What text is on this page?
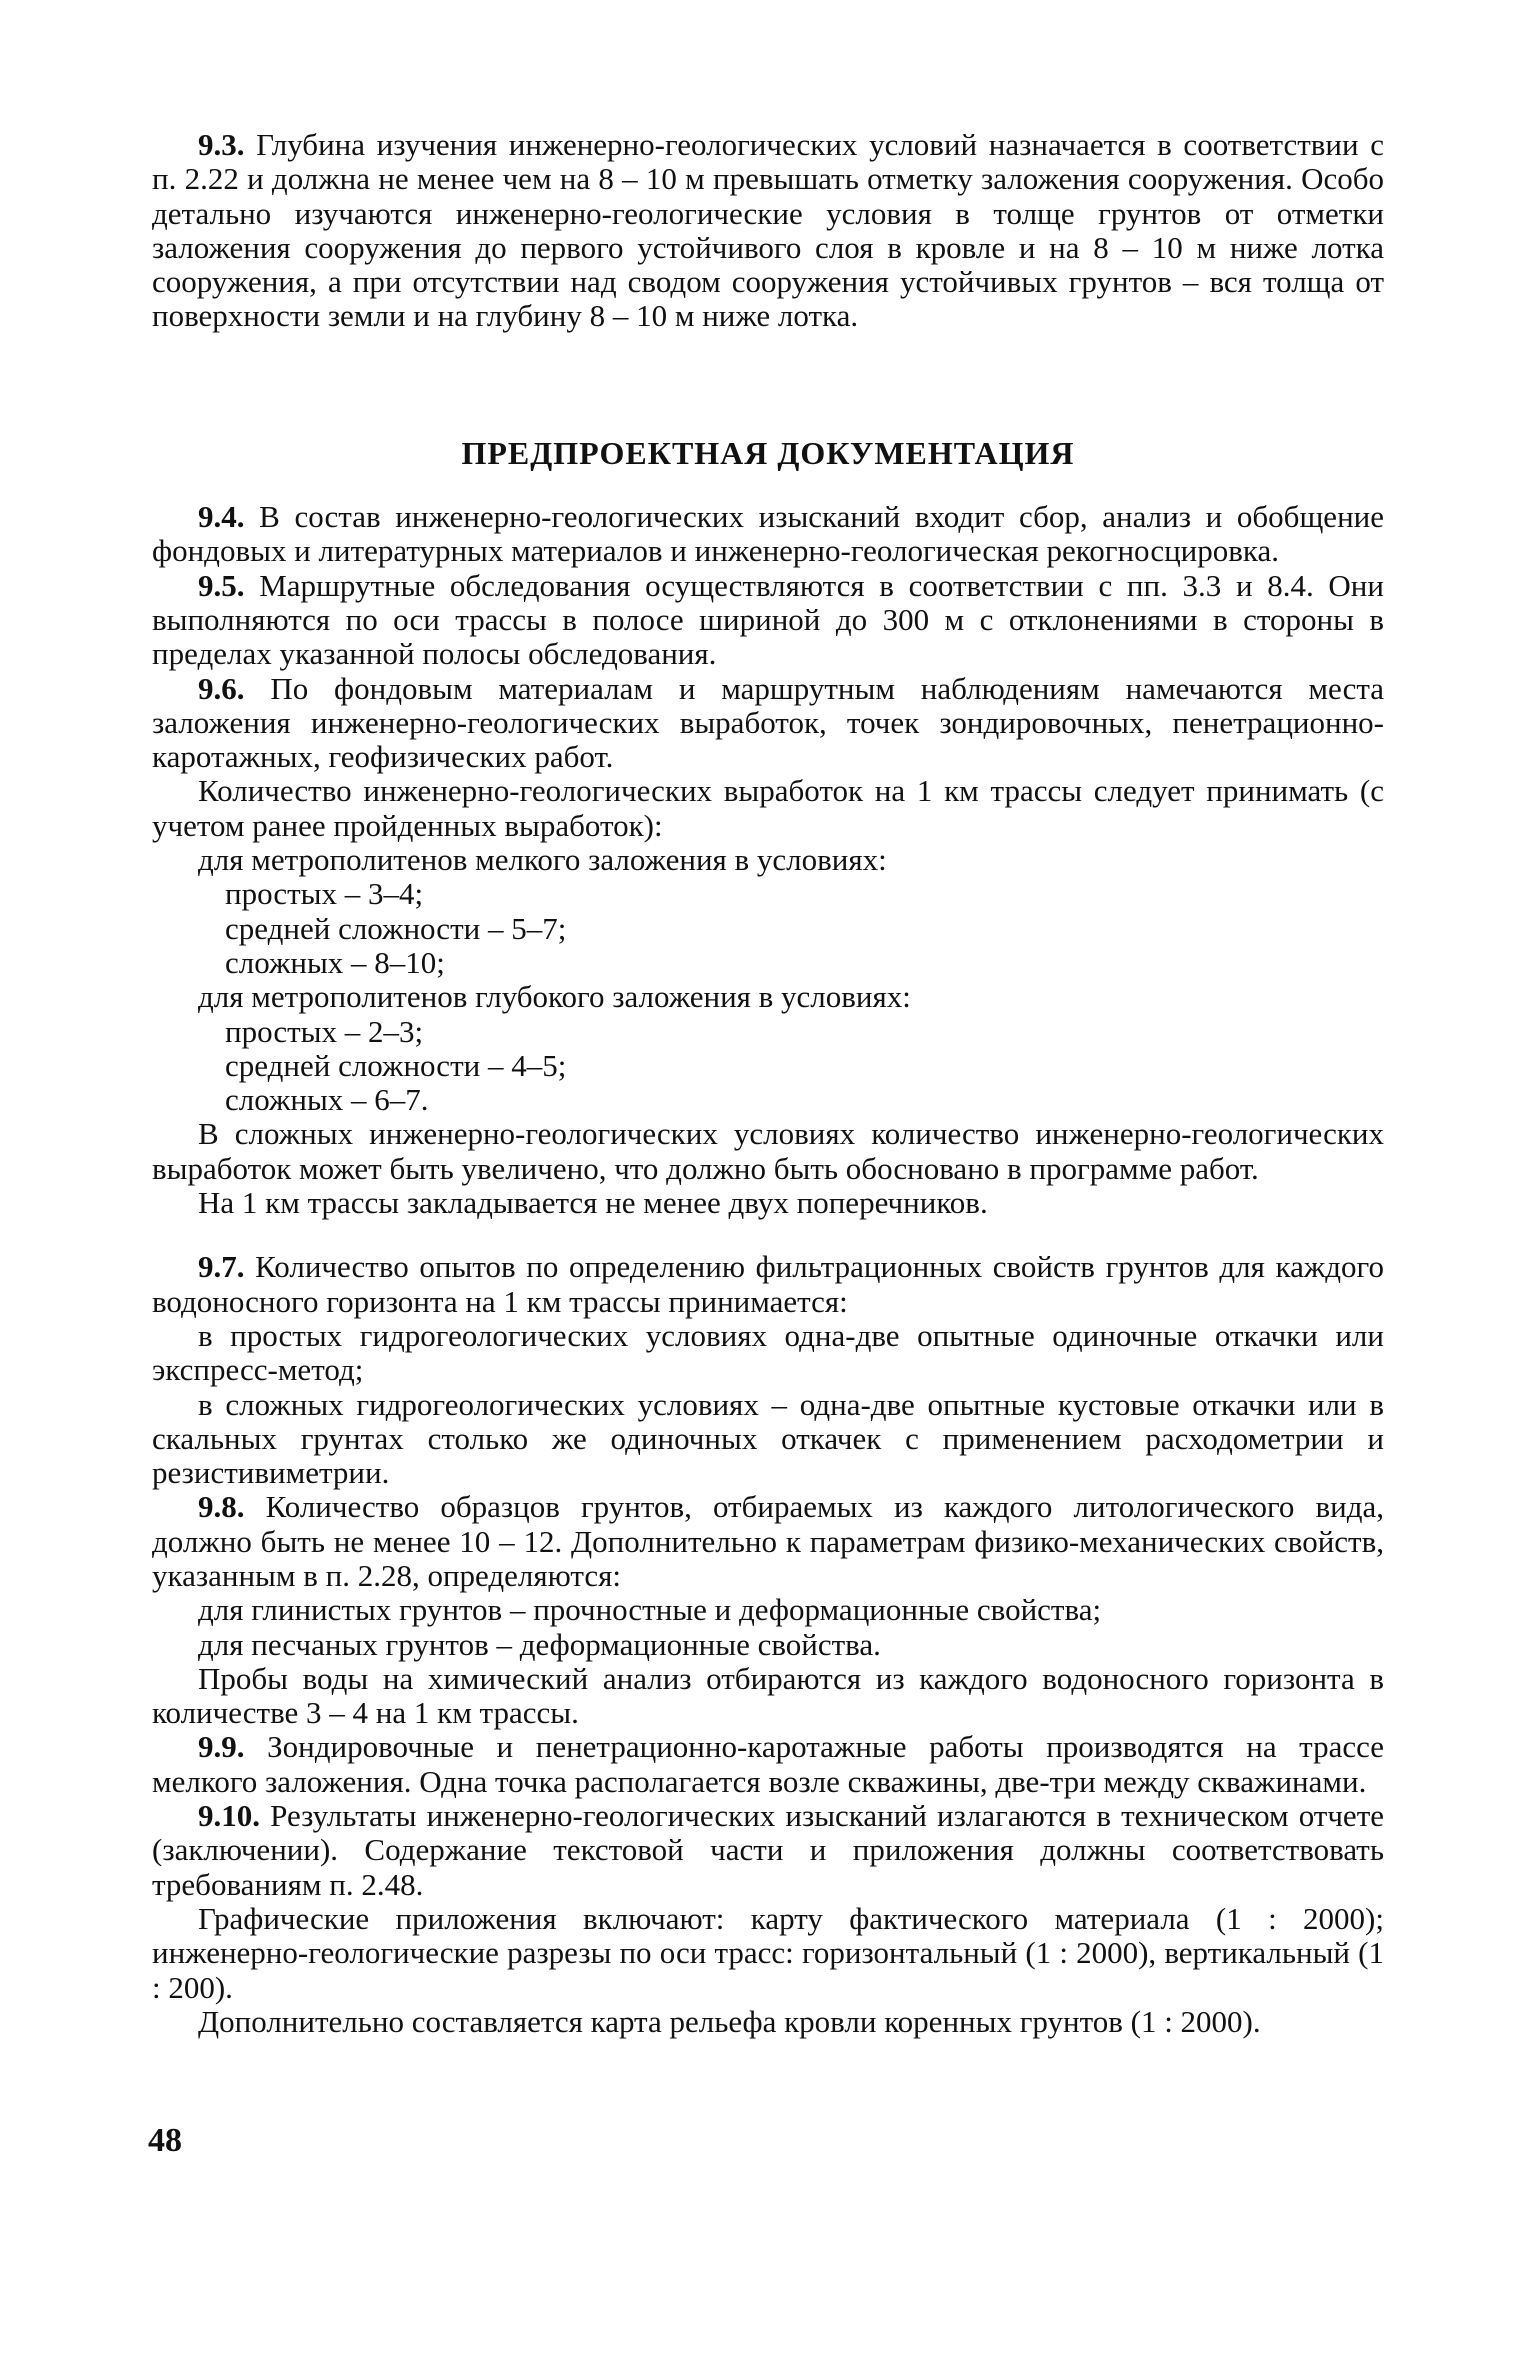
9.3. Глубина изучения инженерно-геологических условий назначается в соответствии с п. 2.22 и должна не менее чем на 8 – 10 м превышать отметку заложения сооружения. Особо детально изучаются инженерно-геологические условия в толще грунтов от отметки заложения сооружения до первого устойчивого слоя в кровле и на 8 – 10 м ниже лотка сооружения, а при отсутствии над сводом сооружения устойчивых грунтов – вся толща от поверхности земли и на глубину 8 – 10 м ниже лотка.

ПРЕДПРОЕКТНАЯ ДОКУМЕНТАЦИЯ

9.4. В состав инженерно-геологических изысканий входит сбор, анализ и обобщение фондовых и литературных материалов и инженерно-геологическая рекогносцировка.

9.5. Маршрутные обследования осуществляются в соответствии с пп. 3.3 и 8.4. Они выполняются по оси трассы в полосе шириной до 300 м с отклонениями в стороны в пределах указанной полосы обследования.

9.6. По фондовым материалам и маршрутным наблюдениям намечаются места заложения инженерно-геологических выработок, точек зондировочных, пенетрационно-каротажных, геофизических работ.

Количество инженерно-геологических выработок на 1 км трассы следует принимать (с учетом ранее пройденных выработок):

для метрополитенов мелкого заложения в условиях:

простых – 3–4;

средней сложности – 5–7;

сложных – 8–10;

для метрополитенов глубокого заложения в условиях:

простых – 2–3;

средней сложности – 4–5;

сложных – 6–7.

В сложных инженерно-геологических условиях количество инженерно-геологических выработок может быть увеличено, что должно быть обосновано в программе работ.

На 1 км трассы закладывается не менее двух поперечников.

9.7. Количество опытов по определению фильтрационных свойств грунтов для каждого водоносного горизонта на 1 км трассы принимается:

в простых гидрогеологических условиях одна-две опытные одиночные откачки или экспресс-метод;

в сложных гидрогеологических условиях – одна-две опытные кустовые откачки или в скальных грунтах столько же одиночных откачек с применением расходометрии и резистивиметрии.

9.8. Количество образцов грунтов, отбираемых из каждого литологического вида, должно быть не менее 10 – 12. Дополнительно к параметрам физико-механических свойств, указанным в п. 2.28, определяются:

для глинистых грунтов – прочностные и деформационные свойства;

для песчаных грунтов – деформационные свойства.

Пробы воды на химический анализ отбираются из каждого водоносного горизонта в количестве 3 – 4 на 1 км трассы.

9.9. Зондировочные и пенетрационно-каротажные работы производятся на трассе мелкого заложения. Одна точка располагается возле скважины, две-три между скважинами.

9.10. Результаты инженерно-геологических изысканий излагаются в техническом отчете (заключении). Содержание текстовой части и приложения должны соответствовать требованиям п. 2.48.

Графические приложения включают: карту фактического материала (1 : 2000); инженерно-геологические разрезы по оси трасс: горизонтальный (1 : 2000), вертикальный (1 : 200).

Дополнительно составляется карта рельефа кровли коренных грунтов (1 : 2000).

48
